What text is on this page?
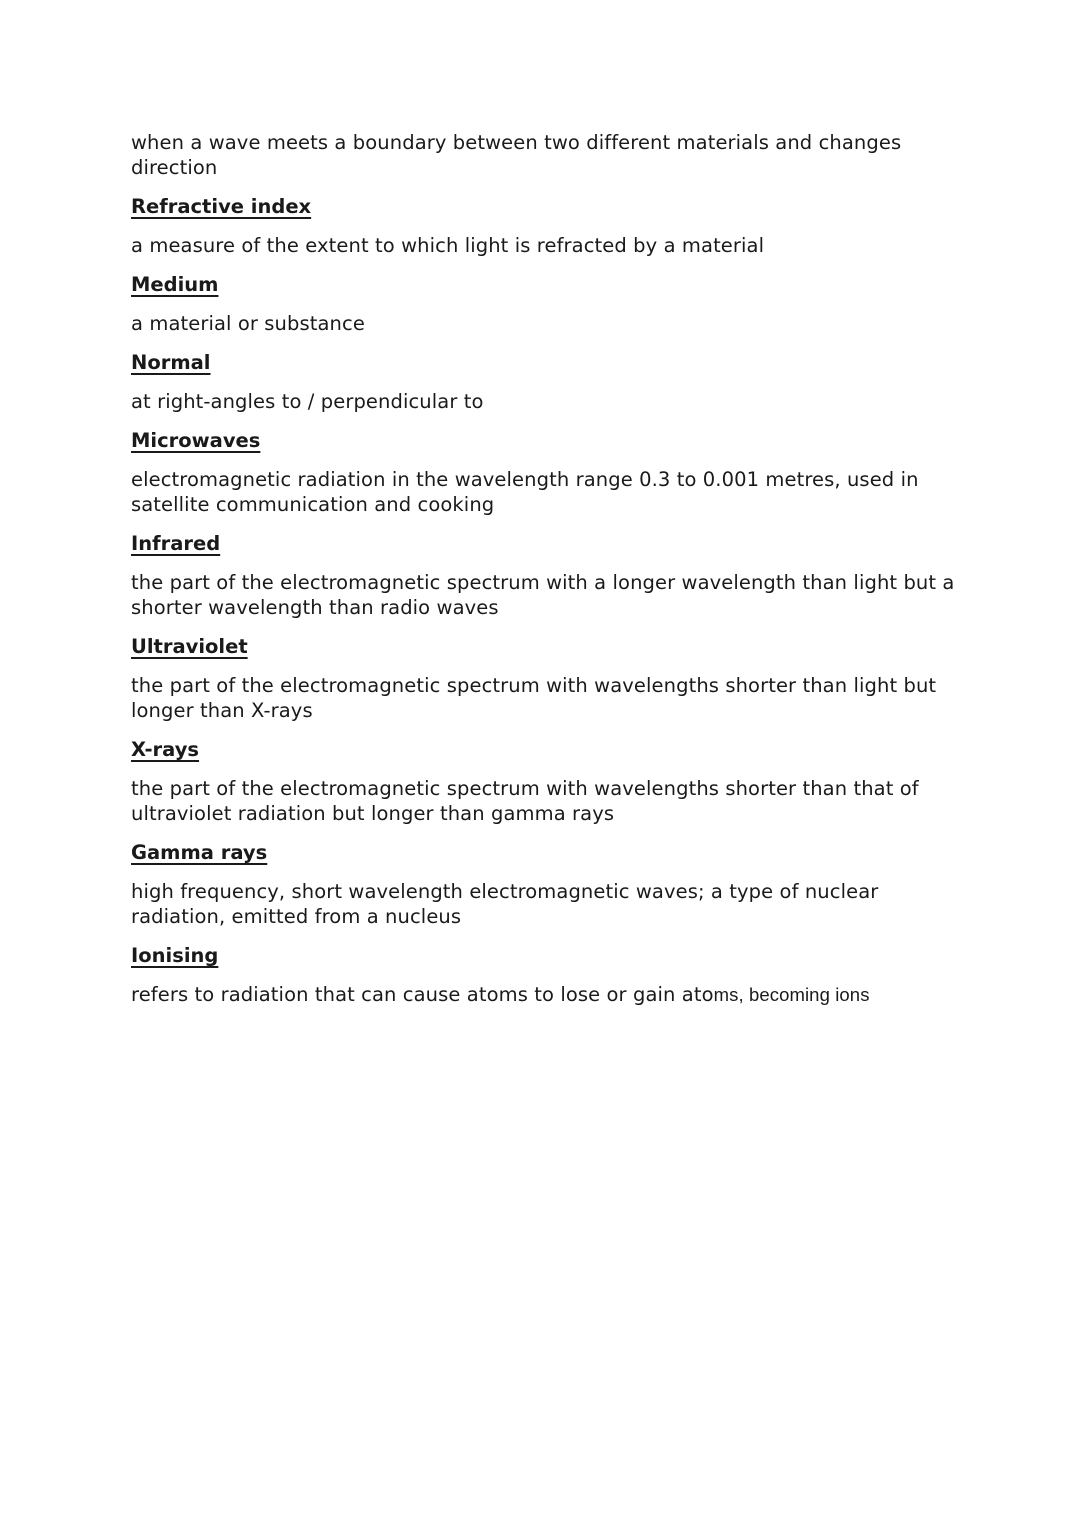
when a wave meets a boundary between two different materials and changes direction

Refractive index

a measure of the extent to which light is refracted by a material

Medium

a material or substance

Normal

at right-angles to / perpendicular to

Microwaves

electromagnetic radiation in the wavelength range 0.3 to 0.001 metres, used in satellite communication and cooking

Infrared

the part of the electromagnetic spectrum with a longer wavelength than light but a shorter wavelength than radio waves

Ultraviolet

the part of the electromagnetic spectrum with wavelengths shorter than light but longer than X-rays

X-rays

the part of the electromagnetic spectrum with wavelengths shorter than that of ultraviolet radiation but longer than gamma rays

Gamma rays

high frequency, short wavelength electromagnetic waves; a type of nuclear radiation, emitted from a nucleus

Ionising

refers to radiation that can cause atoms to lose or gain atoms, becoming ions
